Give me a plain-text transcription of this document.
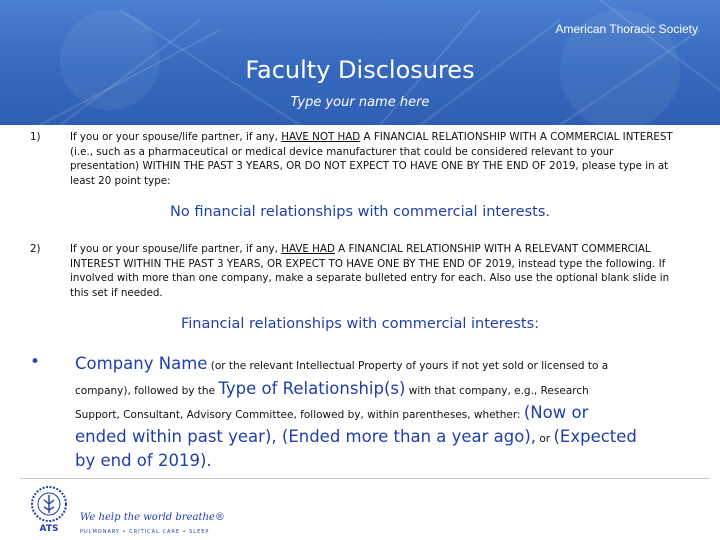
American Thoracic Society
Faculty Disclosures
Type your name here
1)	If you or your spouse/life partner, if any, HAVE NOT HAD A FINANCIAL RELATIONSHIP WITH A COMMERCIAL INTEREST (i.e., such as a pharmaceutical or medical device manufacturer that could be considered relevant to your presentation) WITHIN THE PAST 3 YEARS, OR DO NOT EXPECT TO HAVE ONE BY THE END OF 2019, please type in at least 20 point type:
No financial relationships with commercial interests.
2)	If you or your spouse/life partner, if any, HAVE HAD A FINANCIAL RELATIONSHIP WITH A RELEVANT COMMERCIAL INTEREST WITHIN THE PAST 3 YEARS, OR EXPECT TO HAVE ONE BY THE END OF 2019, instead type the following. If involved with more than one company, make a separate bulleted entry for each. Also use the optional blank slide in this set if needed.
Financial relationships with commercial interests:
• Company Name (or the relevant Intellectual Property of yours if not yet sold or licensed to a
company), followed by the Type of Relationship(s) with that company, e.g., Research
Support, Consultant, Advisory Committee, followed by, within parentheses, whether: (Now or
ended within past year), (Ended more than a year ago), or (Expected
by end of 2019).
ATS
We help the world breathe®
PULMONARY • CRITICAL CARE • SLEEP
